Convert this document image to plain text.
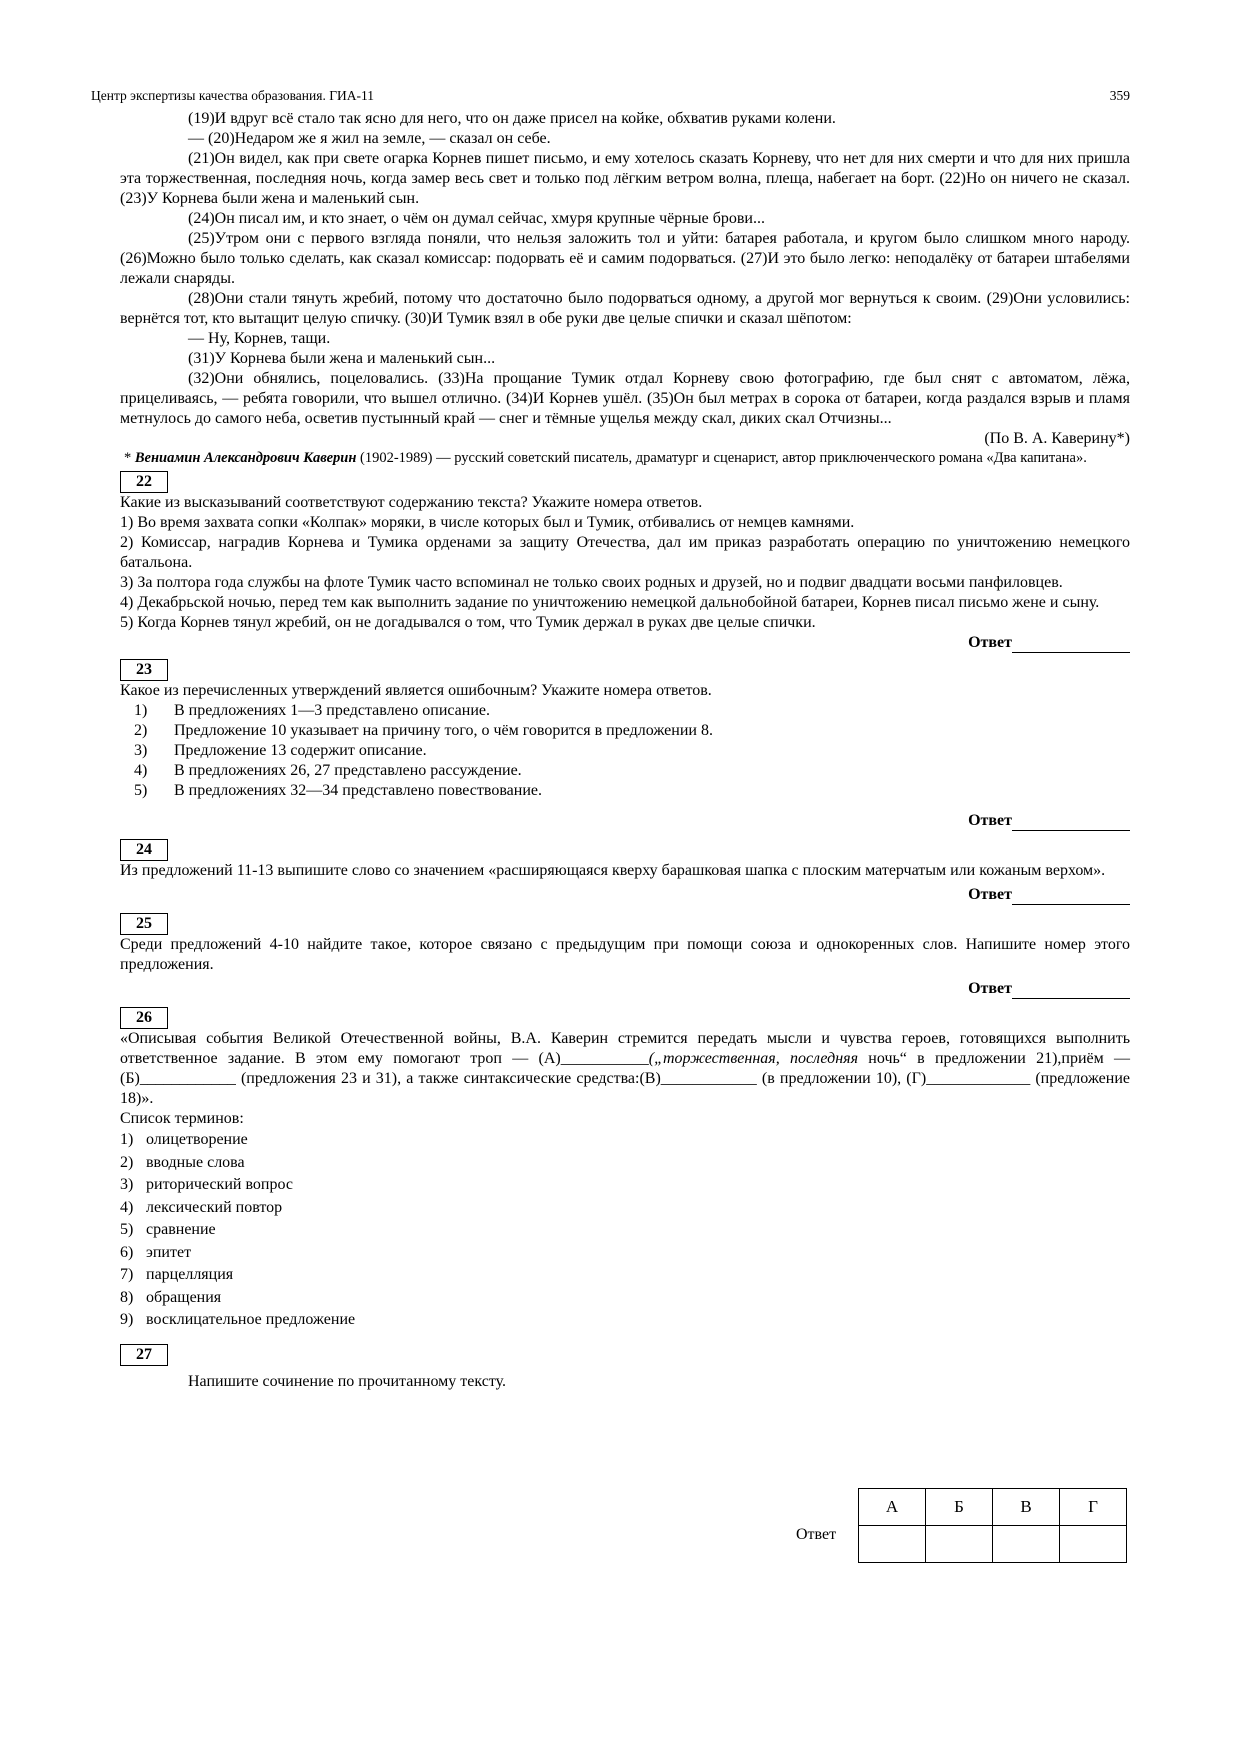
Центр экспертизы качества образования. ГИА-11	359

(19)И вдруг всё стало так ясно для него, что он даже присел на койке, обхватив руками колени.

— (20)Недаром же я жил на земле, — сказал он себе.

(21)Он видел, как при свете огарка Корнев пишет письмо, и ему хотелось сказать Корневу, что нет для них смерти и что для них пришла эта торжественная, последняя ночь, когда замер весь свет и только под лёгким ветром волна, плеща, набегает на борт. (22)Но он ничего не сказал. (23)У Корнева были жена и маленький сын.

(24)Он писал им, и кто знает, о чём он думал сейчас, хмуря крупные чёрные брови...

(25)Утром они с первого взгляда поняли, что нельзя заложить тол и уйти: батарея работала, и кругом было слишком много народу. (26)Можно было только сделать, как сказал комиссар: подорвать её и самим подорваться. (27)И это было легко: неподалёку от батареи штабелями лежали снаряды.

(28)Они стали тянуть жребий, потому что достаточно было подорваться одному, а другой мог вернуться к своим. (29)Они условились: вернётся тот, кто вытащит целую спичку. (30)И Тумик взял в обе руки две целые спички и сказал шёпотом:

— Ну, Корнев, тащи.

(31)У Корнева были жена и маленький сын...

(32)Они обнялись, поцеловались. (33)На прощание Тумик отдал Корневу свою фотографию, где был снят с автоматом, лёжа, прицеливаясь, — ребята говорили, что вышел отлично. (34)И Корнев ушёл. (35)Он был метрах в сорока от батареи, когда раздался взрыв и пламя метнулось до самого неба, осветив пустынный край — снег и тёмные ущелья между скал, диких скал Отчизны...

(По В. А. Каверину*)

* Вениамин Александрович Каверин (1902-1989) — русский советский писатель, драматург и сценарист, автор приключенческого романа «Два капитана».

22

Какие из высказываний соответствуют содержанию текста? Укажите номера ответов.

1) Во время захвата сопки «Колпак» моряки, в числе которых был и Тумик, отбивались от немцев камнями.

2) Комиссар, наградив Корнева и Тумика орденами за защиту Отечества, дал им приказ разработать операцию по уничтожению немецкого батальона.

3) За полтора года службы на флоте Тумик часто вспоминал не только своих родных и друзей, но и подвиг двадцати восьми панфиловцев.

4) Декабрьской ночью, перед тем как выполнить задание по уничтожению немецкой дальнобойной батареи, Корнев писал письмо жене и сыну.

5) Когда Корнев тянул жребий, он не догадывался о том, что Тумик держал в руках две целые спички.

Ответ
23

Какое из перечисленных утверждений является ошибочным? Укажите номера ответов.

1)	В предложениях 1—3 представлено описание.
2)	Предложение 10 указывает на причину того, о чём говорится в предложении 8.
3)	Предложение 13 содержит описание.
4)	В предложениях 26, 27 представлено рассуждение.
5)	В предложениях 32—34 представлено повествование.
Ответ
24

Из предложений 11-13 выпишите слово со значением «расширяющаяся кверху барашковая шапка с плоским матерчатым или кожаным верхом».

Ответ
25

Среди предложений 4-10 найдите такое, которое связано с предыдущим при помощи союза и однокоренных слов. Напишите номер этого предложения.

Ответ
26

«Описывая события Великой Отечественной войны, В.А. Каверин стремится передать мысли и чувства героев, готовящихся выполнить ответственное задание. В этом ему помогают троп — (А)___________(„торжественная, последняя ночь“ в предложении 21),приём — (Б)____________ (предложения 23 и 31), а также синтаксические средства:(В)____________ (в предложении 10), (Г)_____________ (предложение 18)».

Список терминов:

1) олицетворение
2) вводные слова
3) риторический вопрос
4) лексический повтор
5) сравнение
6) эпитет
7) парцелляция
8) обращения
9) восклицательное предложение
27

Напишите сочинение по прочитанному тексту.

Ответ
А	Б	В	Г
